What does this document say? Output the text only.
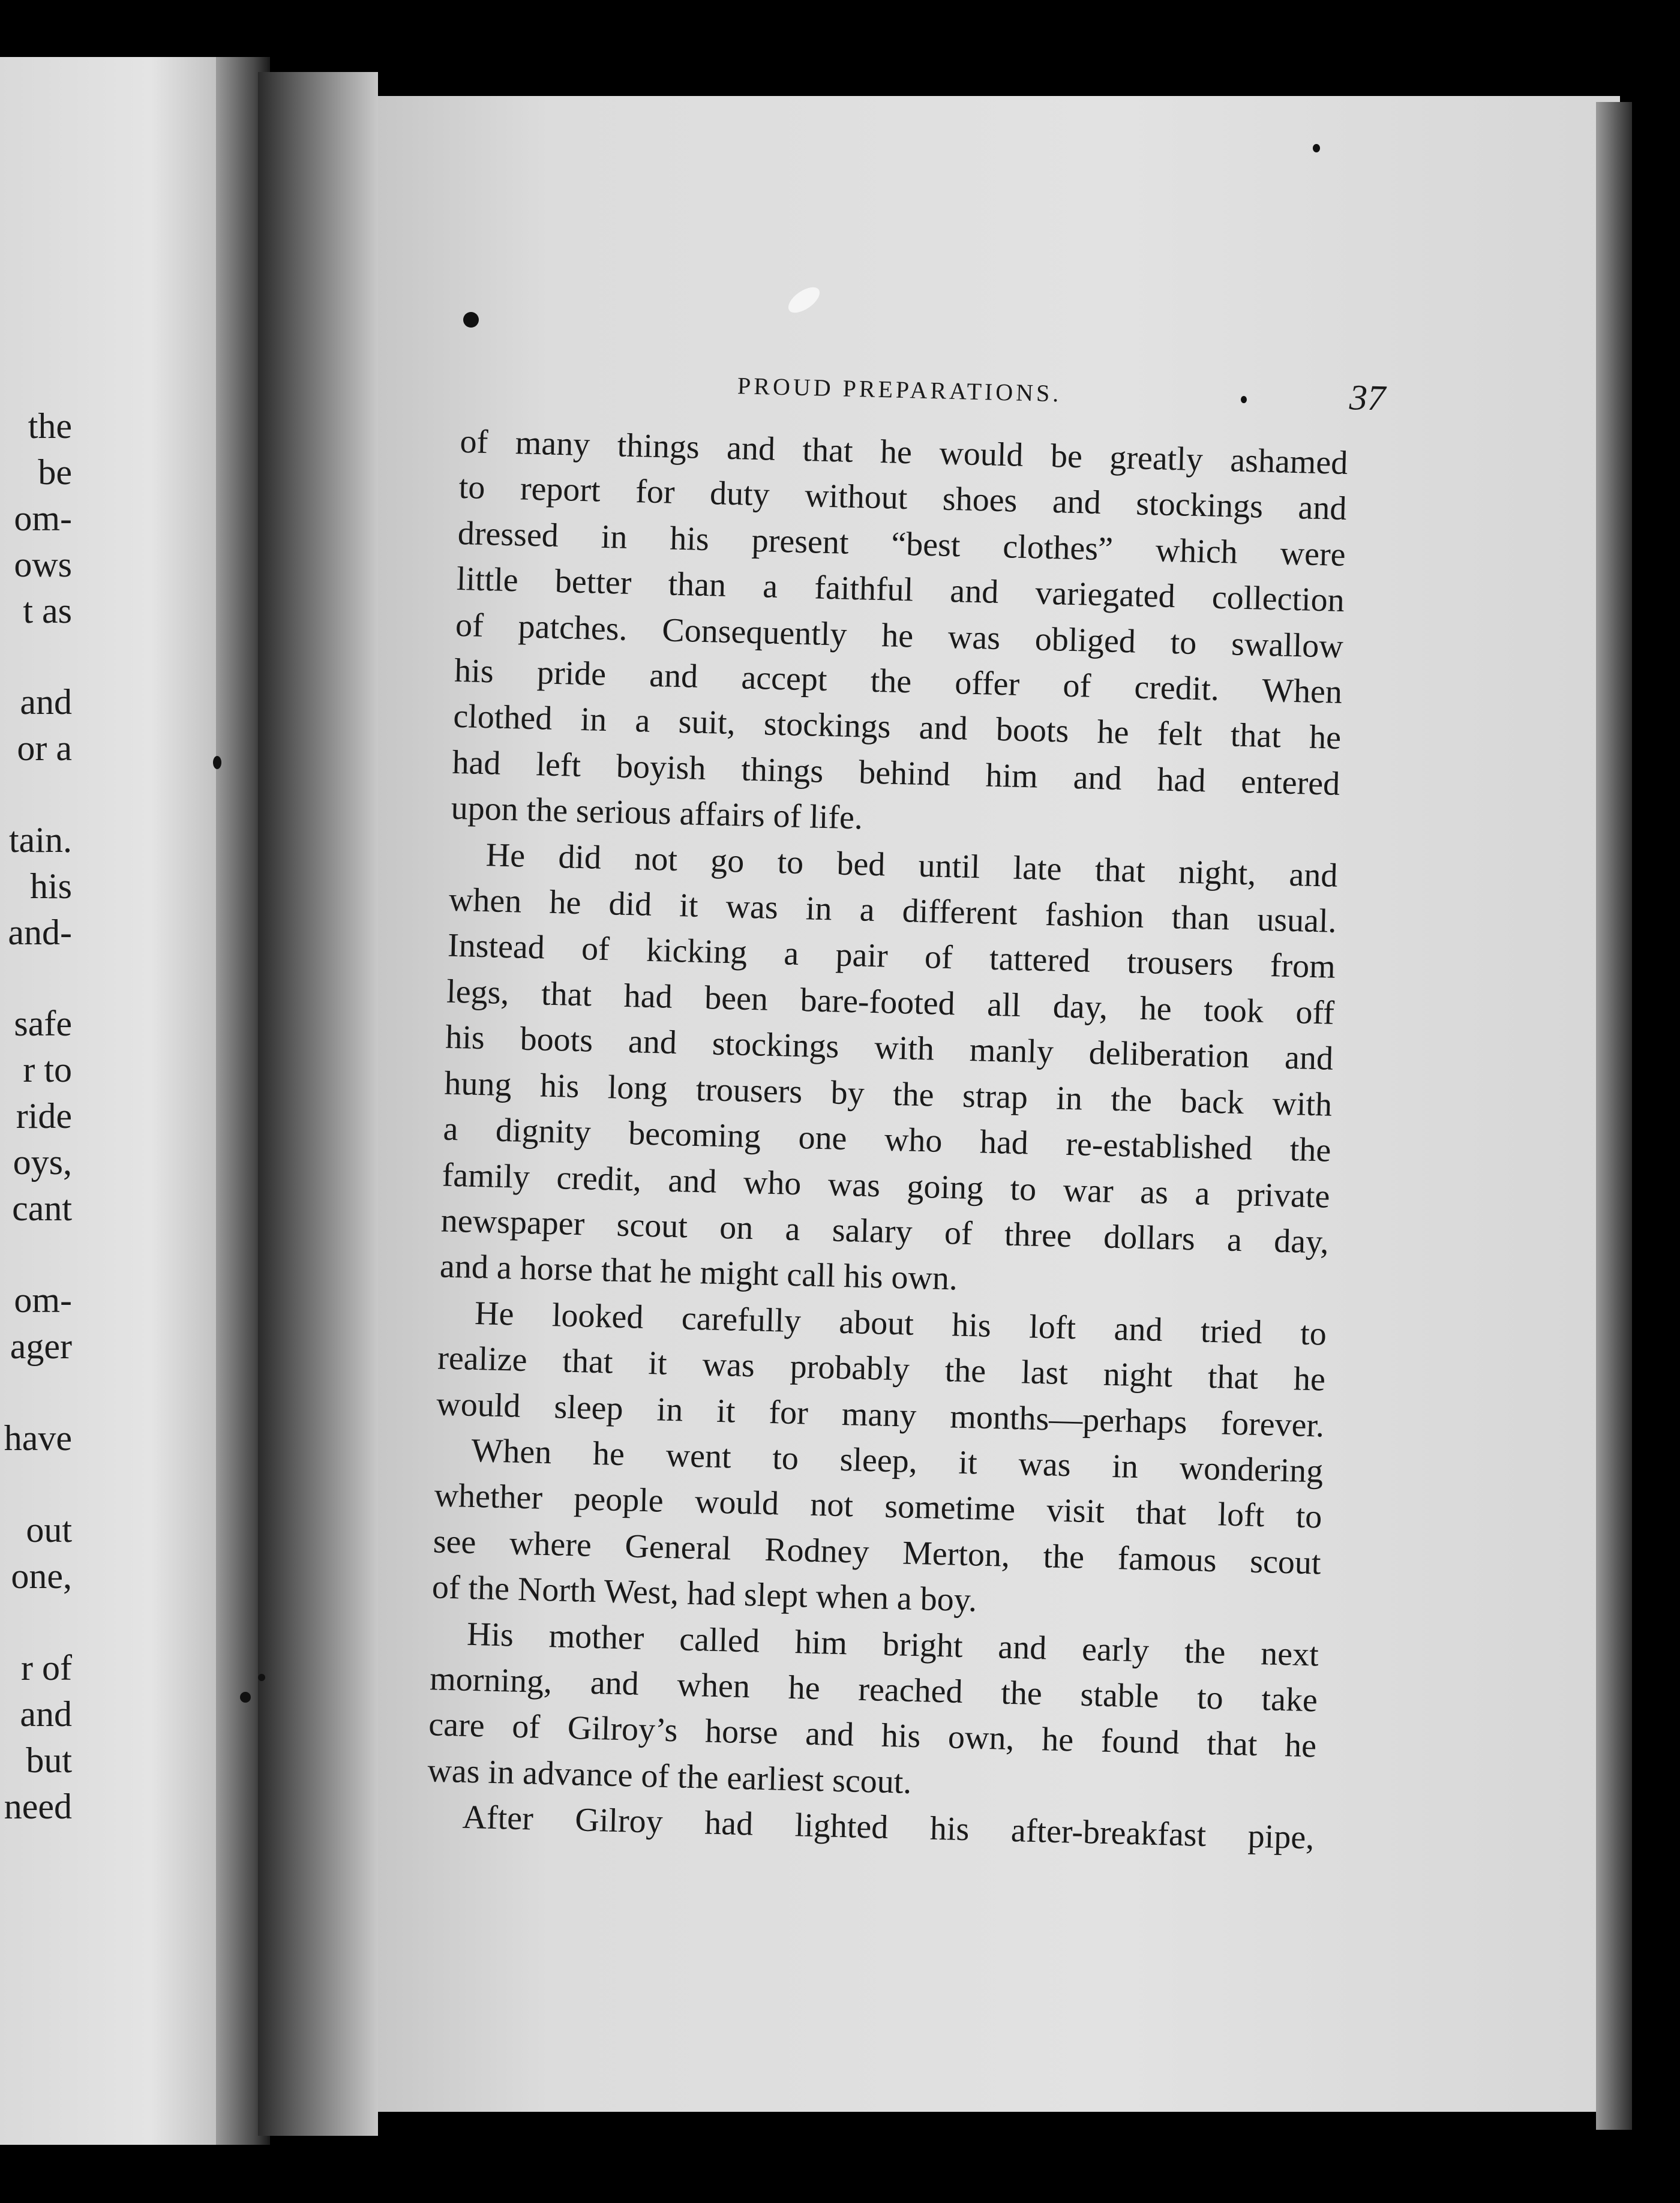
the
be
om-
ows
t as
and
or a
tain.
his
and-
safe
r to
ride
oys,
cant
om-
ager
have
out
one,
r of
and
but
need
PROUD PREPARATIONS.	37
of many things and that he would be greatly ashamed
to report for duty without shoes and stockings and
dressed in his present “best clothes” which were
little better than a faithful and variegated collection
of patches. Consequently he was obliged to swallow
his pride and accept the offer of credit. When
clothed in a suit, stockings and boots he felt that he
had left boyish things behind him and had entered
upon the serious affairs of life.
He did not go to bed until late that night, and
when he did it was in a different fashion than usual.
Instead of kicking a pair of tattered trousers from
legs, that had been bare-footed all day, he took off
his boots and stockings with manly deliberation and
hung his long trousers by the strap in the back with
a dignity becoming one who had re-established the
family credit, and who was going to war as a private
newspaper scout on a salary of three dollars a day,
and a horse that he might call his own.
He looked carefully about his loft and tried to
realize that it was probably the last night that he
would sleep in it for many months—perhaps forever.
When he went to sleep, it was in wondering
whether people would not sometime visit that loft to
see where General Rodney Merton, the famous scout
of the North West, had slept when a boy.
His mother called him bright and early the next
morning, and when he reached the stable to take
care of Gilroy’s horse and his own, he found that he
was in advance of the earliest scout.
After Gilroy had lighted his after-breakfast pipe,
